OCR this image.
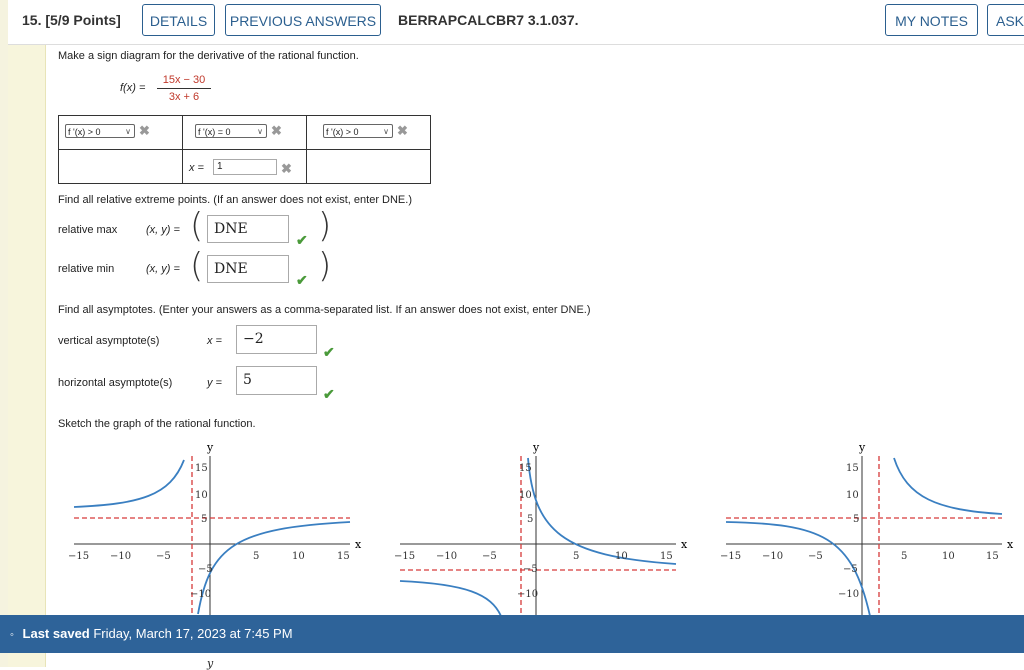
15. [5/9 Points]	DETAILS	PREVIOUS ANSWERS	BERRAPCALCBR7 3.1.037.	MY NOTES	ASK
Make a sign diagram for the derivative of the rational function.
f(x) =
15x − 30
3x + 6
f '(x) > 0 ∨ ✖	f '(x) = 0 ∨ ✖	f '(x) > 0 ∨ ✖

	x = 1 ✖	

Find all relative extreme points. (If an answer does not exist, enter DNE.)
relative max	(x, y) = ( DNE
✔ )
relative min	(x, y) = ( DNE
✔ )
Find all asymptotes. (Enter your answers as a comma-separated list. If an answer does not exist, enter DNE.)
vertical asymptote(s)	x =	−2
✔
horizontal asymptote(s)	y =	5
✔
Sketch the graph of the rational function.
x
y
−15 −10 −5	5	10	15
15
10
5
−5
−10
x
y
−15 −10 −5	5	10	15
15
10
5
−5
−10
x
y
−15 −10 −5	5	10	15
15
10
5
−5
−10
◦ Last saved Friday, March 17, 2023 at 7:45 PM
y
